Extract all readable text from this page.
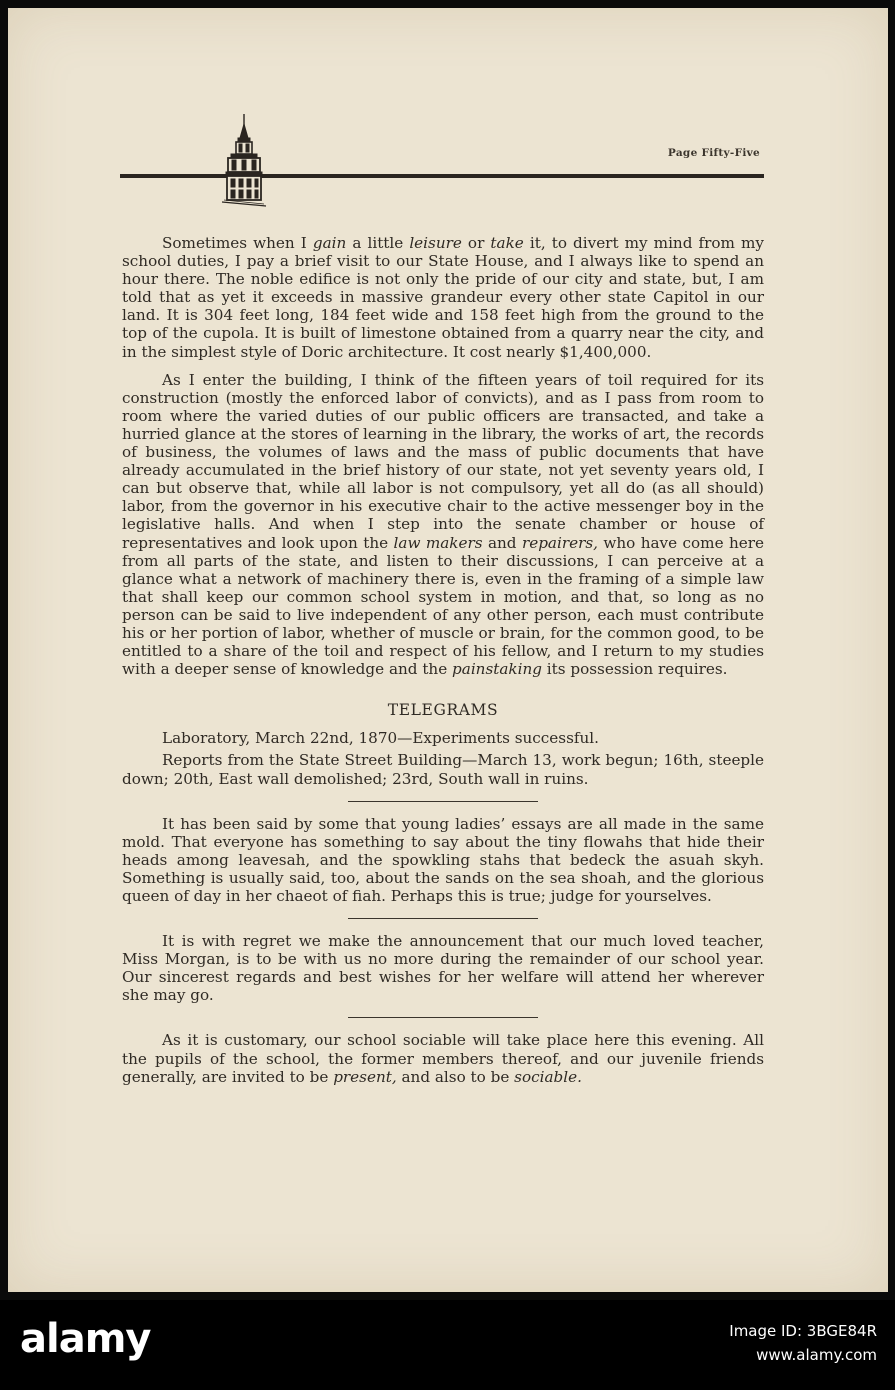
Page Fifty-Five

Sometimes when I gain a little leisure or take it, to divert my mind from my school duties, I pay a brief visit to our State House, and I always like to spend an hour there. The noble edifice is not only the pride of our city and state, but, I am told that as yet it exceeds in massive grandeur every other state Capitol in our land. It is 304 feet long, 184 feet wide and 158 feet high from the ground to the top of the cupola. It is built of limestone obtained from a quarry near the city, and in the simplest style of Doric architecture. It cost nearly $1,400,000.

As I enter the building, I think of the fifteen years of toil required for its construction (mostly the enforced labor of convicts), and as I pass from room to room where the varied duties of our public officers are transacted, and take a hurried glance at the stores of learning in the library, the works of art, the records of business, the volumes of laws and the mass of public documents that have already accumulated in the brief history of our state, not yet seventy years old, I can but observe that, while all labor is not compulsory, yet all do (as all should) labor, from the governor in his executive chair to the active messenger boy in the legislative halls. And when I step into the senate chamber or house of representatives and look upon the law makers and repairers, who have come here from all parts of the state, and listen to their discussions, I can perceive at a glance what a network of machinery there is, even in the framing of a simple law that shall keep our common school system in motion, and that, so long as no person can be said to live independent of any other person, each must contribute his or her portion of labor, whether of muscle or brain, for the common good, to be entitled to a share of the toil and respect of his fellow, and I return to my studies with a deeper sense of knowledge and the painstaking its possession requires.

TELEGRAMS

Laboratory, March 22nd, 1870—Experiments successful.

Reports from the State Street Building—March 13, work begun; 16th, steeple down; 20th, East wall demolished; 23rd, South wall in ruins.

It has been said by some that young ladies’ essays are all made in the same mold. That everyone has something to say about the tiny flowahs that hide their heads among leavesah, and the spowkling stahs that bedeck the asuah skyh. Something is usually said, too, about the sands on the sea shoah, and the glorious queen of day in her chaeot of fiah. Perhaps this is true; judge for yourselves.

It is with regret we make the announcement that our much loved teacher, Miss Morgan, is to be with us no more during the remainder of our school year. Our sincerest regards and best wishes for her welfare will attend her wherever she may go.

As it is customary, our school sociable will take place here this evening. All the pupils of the school, the former members thereof, and our juvenile friends generally, are invited to be present, and also to be sociable.

alamy	Image ID: 3BGE84R
www.alamy.com
